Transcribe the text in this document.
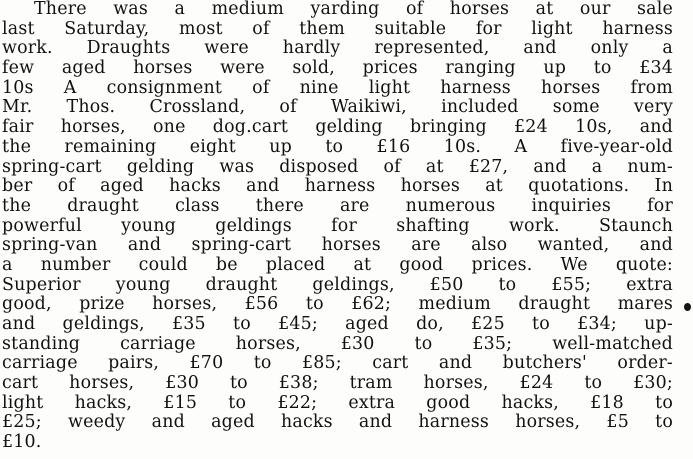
There was a medium yarding of horses at our sale
last Saturday, most of them suitable for light harness
work. Draughts were hardly represented, and only a
few aged horses were sold, prices ranging up to £34
10s A consignment of nine light harness horses from
Mr. Thos. Crossland, of Waikiwi, included some very
fair horses, one dog.cart gelding bringing £24 10s, and
the remaining eight up to £16 10s. A five-year-old
spring-cart gelding was disposed of at £27, and a num-
ber of aged hacks and harness horses at quotations. In
the draught class there are numerous inquiries for
powerful young geldings for shafting work. Staunch
spring-van and spring-cart horses are also wanted, and
a number could be placed at good prices. We quote:
Superior young draught geldings, £50 to £55; extra
good, prize horses, £56 to £62; medium draught mares
and geldings, £35 to £45; aged do, £25 to £34; up-
standing carriage horses, £30 to £35; well-matched
carriage pairs, £70 to £85; cart and butchers' order-
cart horses, £30 to £38; tram horses, £24 to £30;
light hacks, £15 to £22; extra good hacks, £18 to
£25; weedy and aged hacks and harness horses, £5 to
£10.
